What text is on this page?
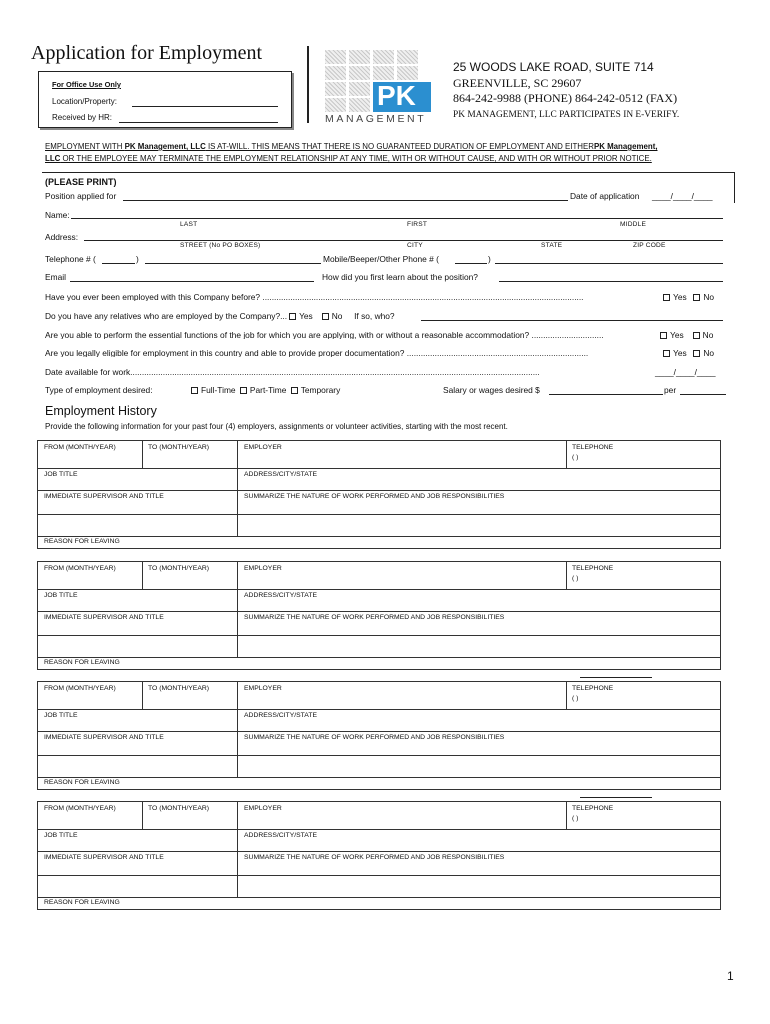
Application for Employment
For Office Use Only
Location/Property:
Received by HR:
PK
MANAGEMENT
25 WOODS LAKE ROAD, SUITE 714
GREENVILLE, SC 29607
864-242-9988 (PHONE) 864-242-0512 (FAX)
PK MANAGEMENT, LLC PARTICIPATES IN E-VERIFY.
EMPLOYMENT WITH PK Management, LLC IS AT-WILL. THIS MEANS THAT THERE IS NO GUARANTEED DURATION OF EMPLOYMENT AND EITHERPK Management,
LLC OR THE EMPLOYEE MAY TERMINATE THE EMPLOYMENT RELATIONSHIP AT ANY TIME, WITH OR WITHOUT CAUSE, AND WITH OR WITHOUT PRIOR NOTICE.
(PLEASE PRINT)
Position applied for	Date of application ____/____/____
Name:
LAST	FIRST	MIDDLE
Address:
STREET (No PO BOXES)	CITY	STATE	ZIP CODE
Telephone # (	)	Mobile/Beeper/Other Phone # (	)
Email	How did you first learn about the position?
Have you ever been employed with this Company before? ..........................................................................................................................................	Yes No
Do you have any relatives who are employed by the Company?... Yes No If so, who?
Are you able to perform the essential functions of the job for which you are applying, with or without a reasonable accommodation? ...............................	Yes No
Are you legally eligible for employment in this country and able to provide proper documentation? ..............................................................................	Yes No
Date available for work................................................................................................................................................................................	____/____/____
Type of employment desired:	Full-Time Part-Time Temporary	Salary or wages desired $	per
Employment History
Provide the following information for your past four (4) employers, assignments or volunteer activities, starting with the most recent.
FROM (MONTH/YEAR)	TO (MONTH/YEAR)	EMPLOYER	TELEPHONE
( )
JOB TITLE	ADDRESS/CITY/STATE
IMMEDIATE SUPERVISOR AND TITLE	SUMMARIZE THE NATURE OF WORK PERFORMED AND JOB RESPONSIBILITIES
REASON FOR LEAVING
FROM (MONTH/YEAR)	TO (MONTH/YEAR)	EMPLOYER	TELEPHONE
( )
JOB TITLE	ADDRESS/CITY/STATE
IMMEDIATE SUPERVISOR AND TITLE	SUMMARIZE THE NATURE OF WORK PERFORMED AND JOB RESPONSIBILITIES
REASON FOR LEAVING
FROM (MONTH/YEAR)	TO (MONTH/YEAR)	EMPLOYER	TELEPHONE
( )
JOB TITLE	ADDRESS/CITY/STATE
IMMEDIATE SUPERVISOR AND TITLE	SUMMARIZE THE NATURE OF WORK PERFORMED AND JOB RESPONSIBILITIES
REASON FOR LEAVING
FROM (MONTH/YEAR)	TO (MONTH/YEAR)	EMPLOYER	TELEPHONE
( )
JOB TITLE	ADDRESS/CITY/STATE
IMMEDIATE SUPERVISOR AND TITLE	SUMMARIZE THE NATURE OF WORK PERFORMED AND JOB RESPONSIBILITIES
REASON FOR LEAVING
1
